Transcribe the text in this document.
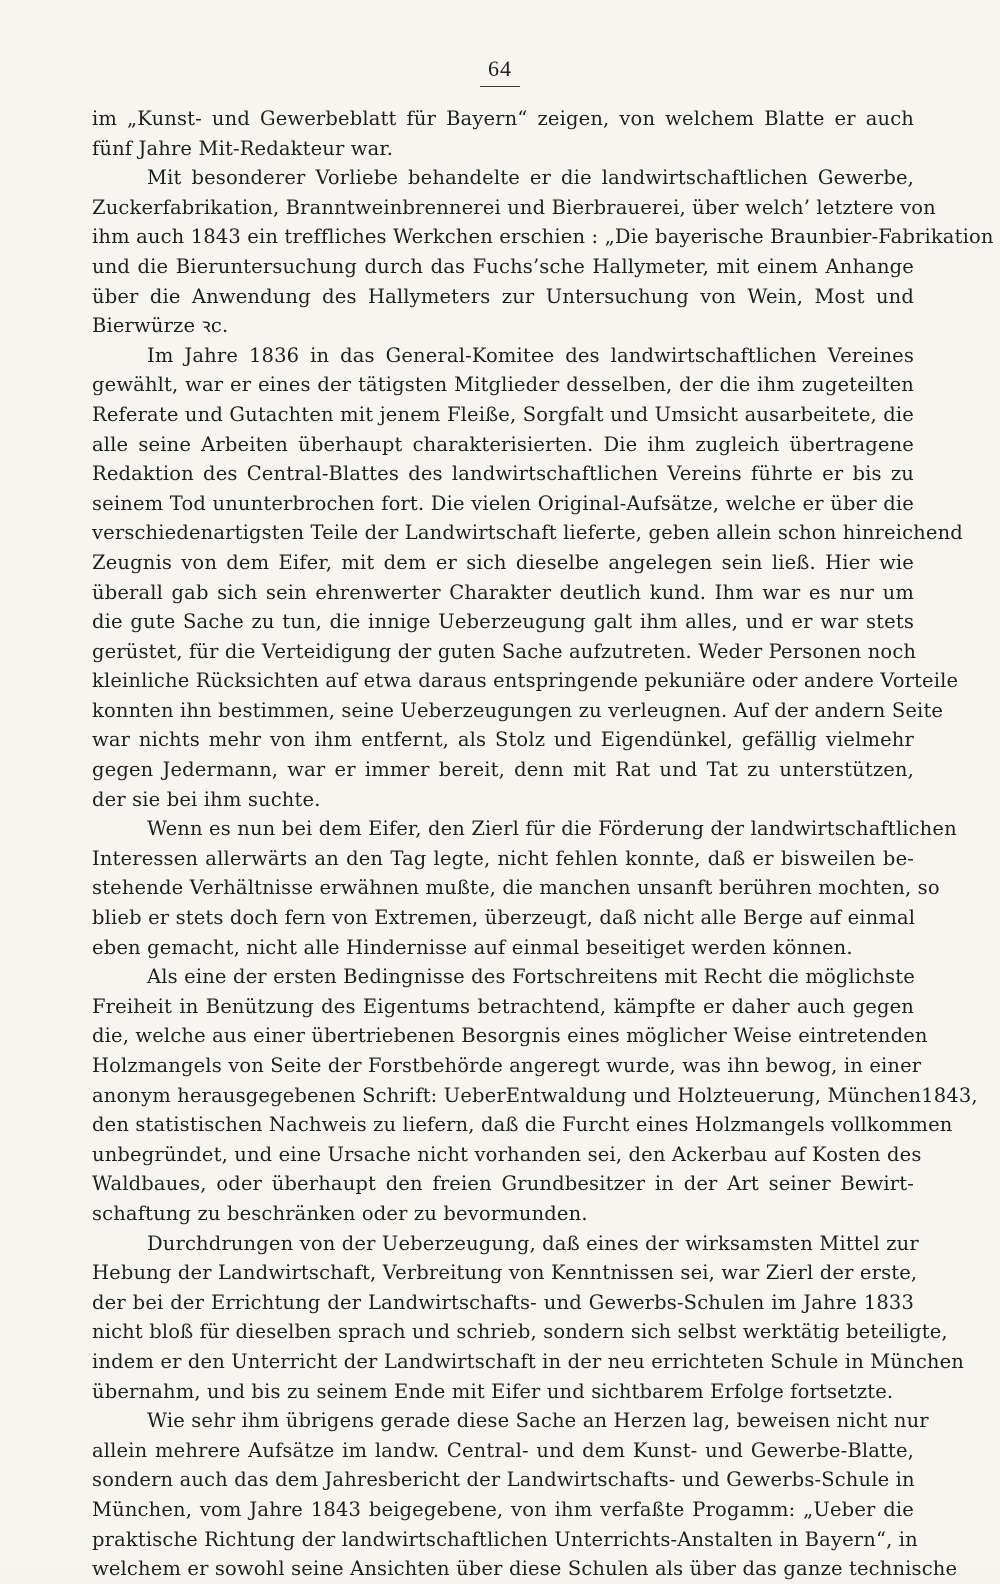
64
im „Kunst- und Gewerbeblatt für Bayern“ zeigen, von welchem Blatte er auch
fünf Jahre Mit-Redakteur war.
Mit besonderer Vorliebe behandelte er die landwirtschaftlichen Gewerbe,
Zuckerfabrikation, Branntweinbrennerei und Bierbrauerei, über welch’ letztere von
ihm auch 1843 ein treffliches Werkchen erschien : „Die bayerische Braunbier-Fabrikation
und die Bieruntersuchung durch das Fuchs’sche Hallymeter, mit einem Anhange
über die Anwendung des Hallymeters zur Untersuchung von Wein, Most und
Bierwürze ꝛc.
Im Jahre 1836 in das General-Komitee des landwirtschaftlichen Vereines
gewählt, war er eines der tätigsten Mitglieder desselben, der die ihm zugeteilten
Referate und Gutachten mit jenem Fleiße, Sorgfalt und Umsicht ausarbeitete, die
alle seine Arbeiten überhaupt charakterisierten. Die ihm zugleich übertragene
Redaktion des Central-Blattes des landwirtschaftlichen Vereins führte er bis zu
seinem Tod ununterbrochen fort. Die vielen Original-Aufsätze, welche er über die
verschiedenartigsten Teile der Landwirtschaft lieferte, geben allein schon hinreichend
Zeugnis von dem Eifer, mit dem er sich dieselbe angelegen sein ließ. Hier wie
überall gab sich sein ehrenwerter Charakter deutlich kund. Ihm war es nur um
die gute Sache zu tun, die innige Ueberzeugung galt ihm alles, und er war stets
gerüstet, für die Verteidigung der guten Sache aufzutreten. Weder Personen noch
kleinliche Rücksichten auf etwa daraus entspringende pekuniäre oder andere Vorteile
konnten ihn bestimmen, seine Ueberzeugungen zu verleugnen. Auf der andern Seite
war nichts mehr von ihm entfernt, als Stolz und Eigendünkel, gefällig vielmehr
gegen Jedermann, war er immer bereit, denn mit Rat und Tat zu unterstützen,
der sie bei ihm suchte.
Wenn es nun bei dem Eifer, den Zierl für die Förderung der landwirtschaftlichen
Interessen allerwärts an den Tag legte, nicht fehlen konnte, daß er bisweilen be-
stehende Verhältnisse erwähnen mußte, die manchen unsanft berühren mochten, so
blieb er stets doch fern von Extremen, überzeugt, daß nicht alle Berge auf einmal
eben gemacht, nicht alle Hindernisse auf einmal beseitiget werden können.
Als eine der ersten Bedingnisse des Fortschreitens mit Recht die möglichste
Freiheit in Benützung des Eigentums betrachtend, kämpfte er daher auch gegen
die, welche aus einer übertriebenen Besorgnis eines möglicher Weise eintretenden
Holzmangels von Seite der Forstbehörde angeregt wurde, was ihn bewog, in einer
anonym herausgegebenen Schrift: UeberEntwaldung und Holzteuerung, München1843,
den statistischen Nachweis zu liefern, daß die Furcht eines Holzmangels vollkommen
unbegründet, und eine Ursache nicht vorhanden sei, den Ackerbau auf Kosten des
Waldbaues, oder überhaupt den freien Grundbesitzer in der Art seiner Bewirt-
schaftung zu beschränken oder zu bevormunden.
Durchdrungen von der Ueberzeugung, daß eines der wirksamsten Mittel zur
Hebung der Landwirtschaft, Verbreitung von Kenntnissen sei, war Zierl der erste,
der bei der Errichtung der Landwirtschafts- und Gewerbs-Schulen im Jahre 1833
nicht bloß für dieselben sprach und schrieb, sondern sich selbst werktätig beteiligte,
indem er den Unterricht der Landwirtschaft in der neu errichteten Schule in München
übernahm, und bis zu seinem Ende mit Eifer und sichtbarem Erfolge fortsetzte.
Wie sehr ihm übrigens gerade diese Sache an Herzen lag, beweisen nicht nur
allein mehrere Aufsätze im landw. Central- und dem Kunst- und Gewerbe-Blatte,
sondern auch das dem Jahresbericht der Landwirtschafts- und Gewerbs-Schule in
München, vom Jahre 1843 beigegebene, von ihm verfaßte Progamm: „Ueber die
praktische Richtung der landwirtschaftlichen Unterrichts-Anstalten in Bayern“, in
welchem er sowohl seine Ansichten über diese Schulen als über das ganze technische
